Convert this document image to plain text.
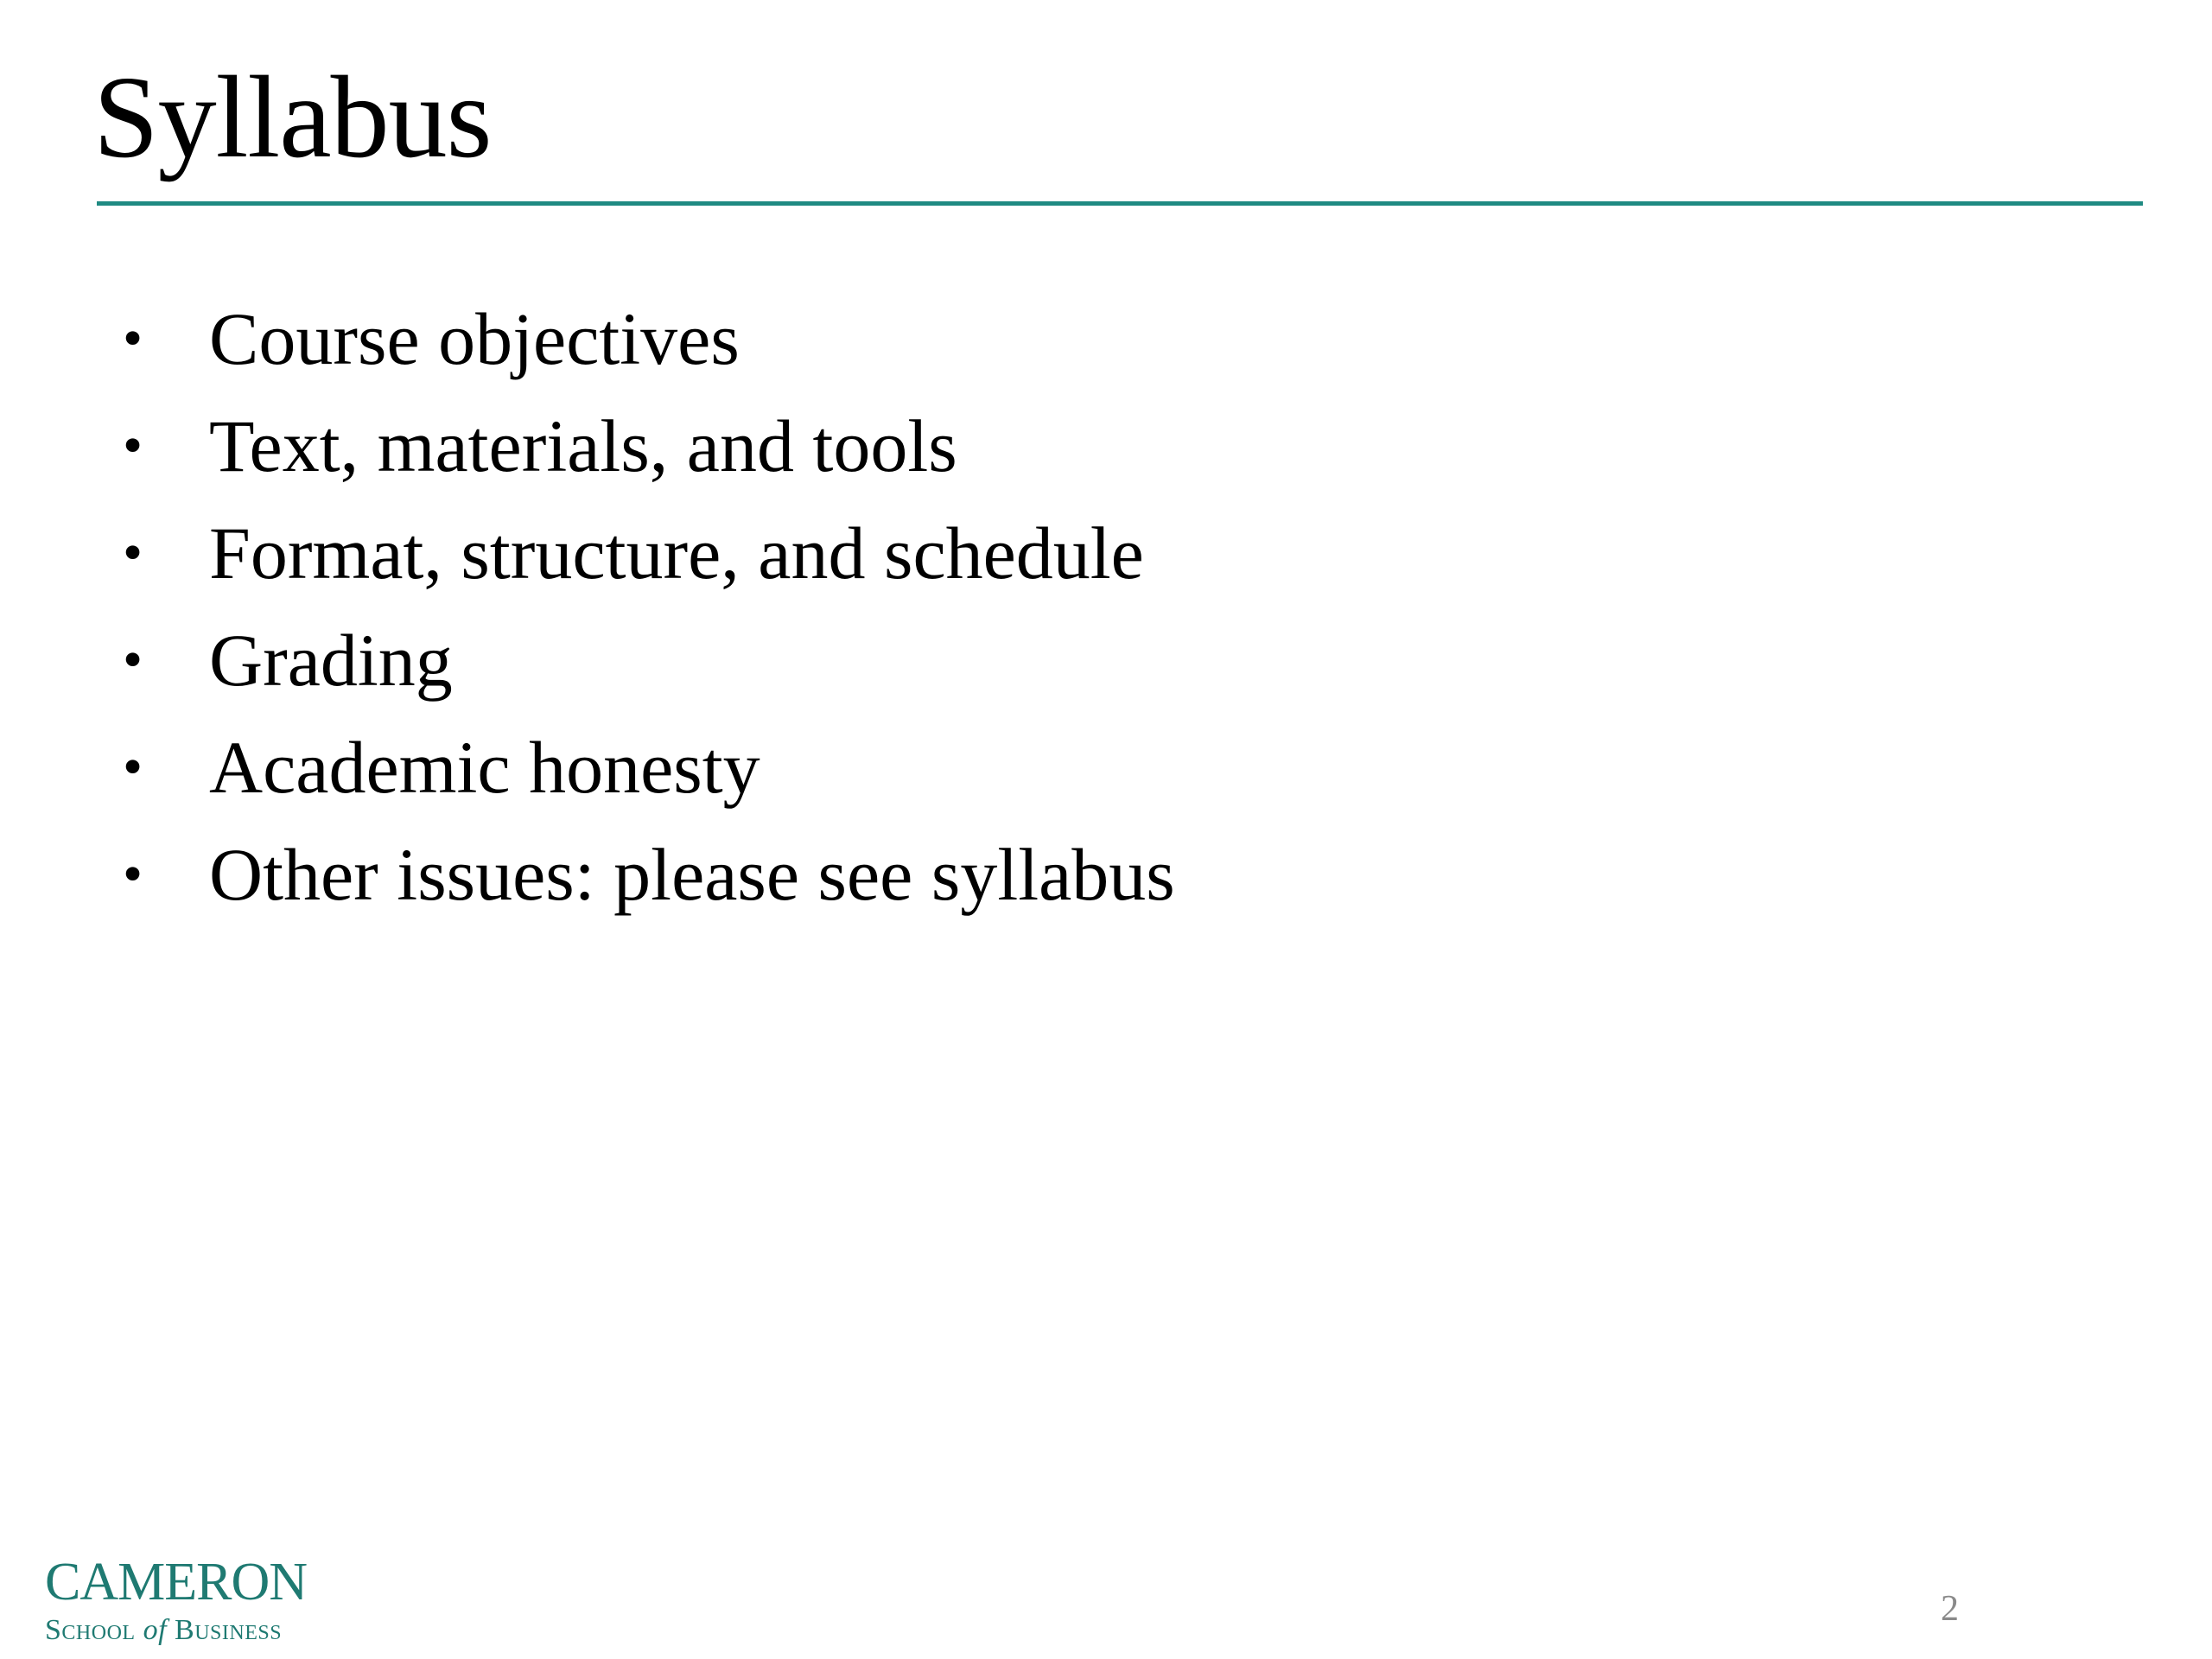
Syllabus
• Course objectives
• Text, materials, and tools
• Format, structure, and schedule
• Grading
• Academic honesty
• Other issues: please see syllabus
CAMERON
School of Business
2
